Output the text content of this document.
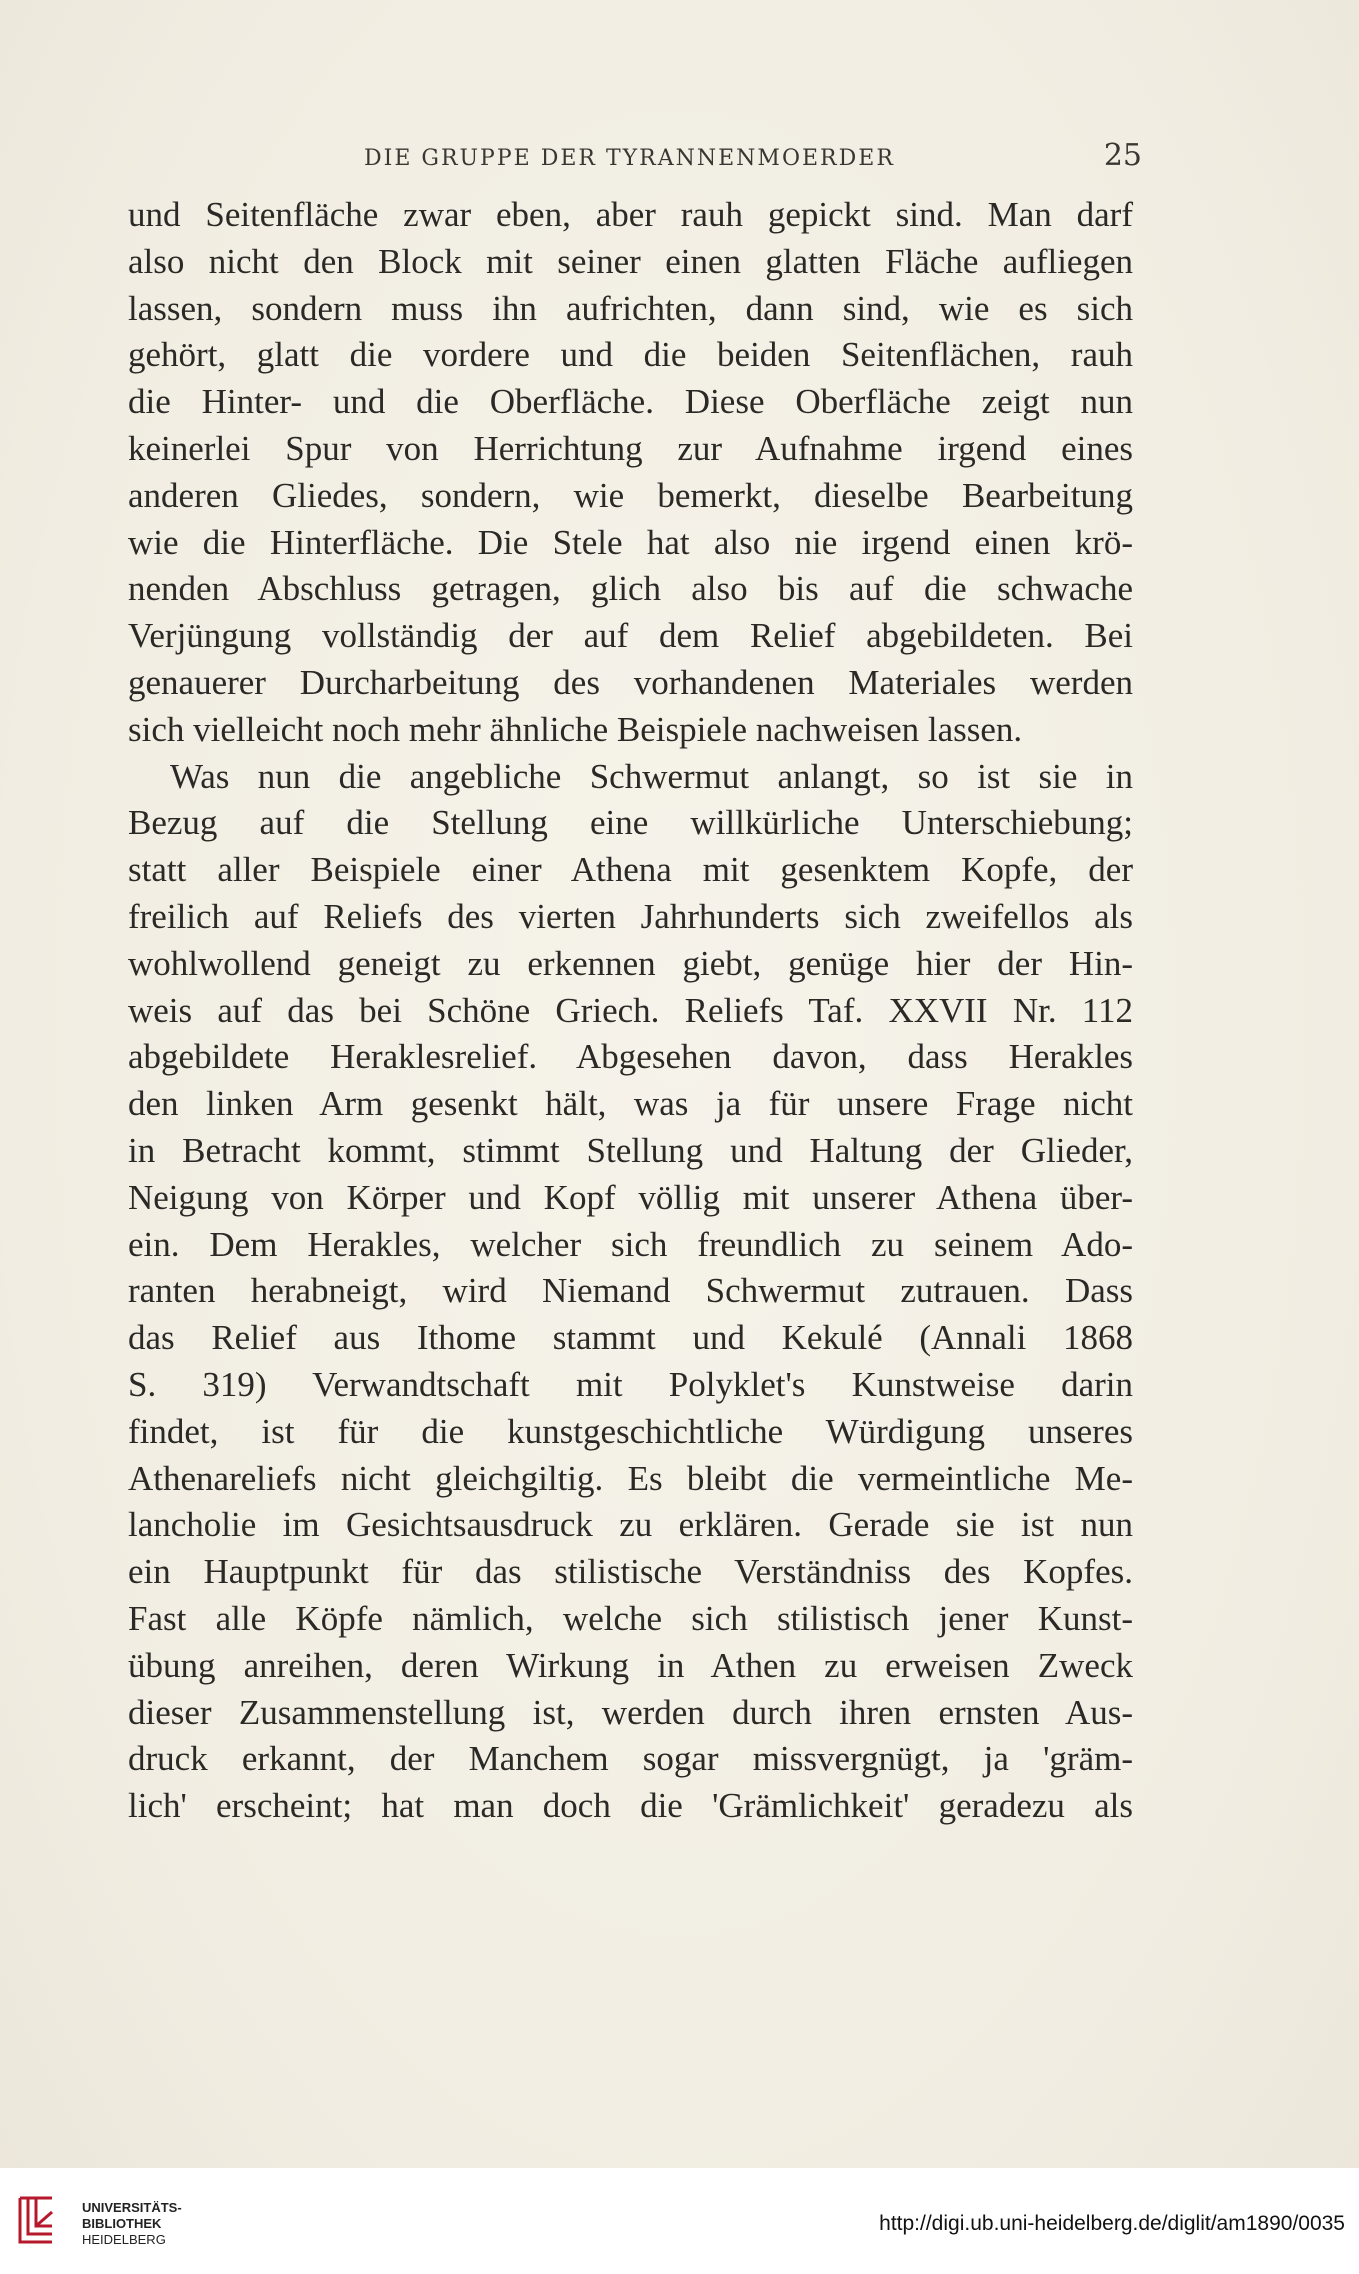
DIE GRUPPE DER TYRANNENMOERDER	25
und Seitenfläche zwar eben, aber rauh gepickt sind. Man darf
also nicht den Block mit seiner einen glatten Fläche aufliegen
lassen, sondern muss ihn aufrichten, dann sind, wie es sich
gehört, glatt die vordere und die beiden Seitenflächen, rauh
die Hinter- und die Oberfläche. Diese Oberfläche zeigt nun
keinerlei Spur von Herrichtung zur Aufnahme irgend eines
anderen Gliedes, sondern, wie bemerkt, dieselbe Bearbeitung
wie die Hinterfläche. Die Stele hat also nie irgend einen krö-
nenden Abschluss getragen, glich also bis auf die schwache
Verjüngung vollständig der auf dem Relief abgebildeten. Bei
genauerer Durcharbeitung des vorhandenen Materiales werden
sich vielleicht noch mehr ähnliche Beispiele nachweisen lassen.
Was nun die angebliche Schwermut anlangt, so ist sie in
Bezug auf die Stellung eine willkürliche Unterschiebung;
statt aller Beispiele einer Athena mit gesenktem Kopfe, der
freilich auf Reliefs des vierten Jahrhunderts sich zweifellos als
wohlwollend geneigt zu erkennen giebt, genüge hier der Hin-
weis auf das bei Schöne Griech. Reliefs Taf. XXVII Nr. 112
abgebildete Heraklesrelief. Abgesehen davon, dass Herakles
den linken Arm gesenkt hält, was ja für unsere Frage nicht
in Betracht kommt, stimmt Stellung und Haltung der Glieder,
Neigung von Körper und Kopf völlig mit unserer Athena über-
ein. Dem Herakles, welcher sich freundlich zu seinem Ado-
ranten herabneigt, wird Niemand Schwermut zutrauen. Dass
das Relief aus Ithome stammt und Kekulé (Annali 1868
S. 319) Verwandtschaft mit Polyklet's Kunstweise darin
findet, ist für die kunstgeschichtliche Würdigung unseres
Athenareliefs nicht gleichgiltig. Es bleibt die vermeintliche Me-
lancholie im Gesichtsausdruck zu erklären. Gerade sie ist nun
ein Hauptpunkt für das stilistische Verständniss des Kopfes.
Fast alle Köpfe nämlich, welche sich stilistisch jener Kunst-
übung anreihen, deren Wirkung in Athen zu erweisen Zweck
dieser Zusammenstellung ist, werden durch ihren ernsten Aus-
druck erkannt, der Manchem sogar missvergnügt, ja 'gräm-
lich' erscheint; hat man doch die 'Grämlichkeit' geradezu als
UNIVERSITÄTS-
BIBLIOTHEK
HEIDELBERG
http://digi.ub.uni-heidelberg.de/diglit/am1890/0035
